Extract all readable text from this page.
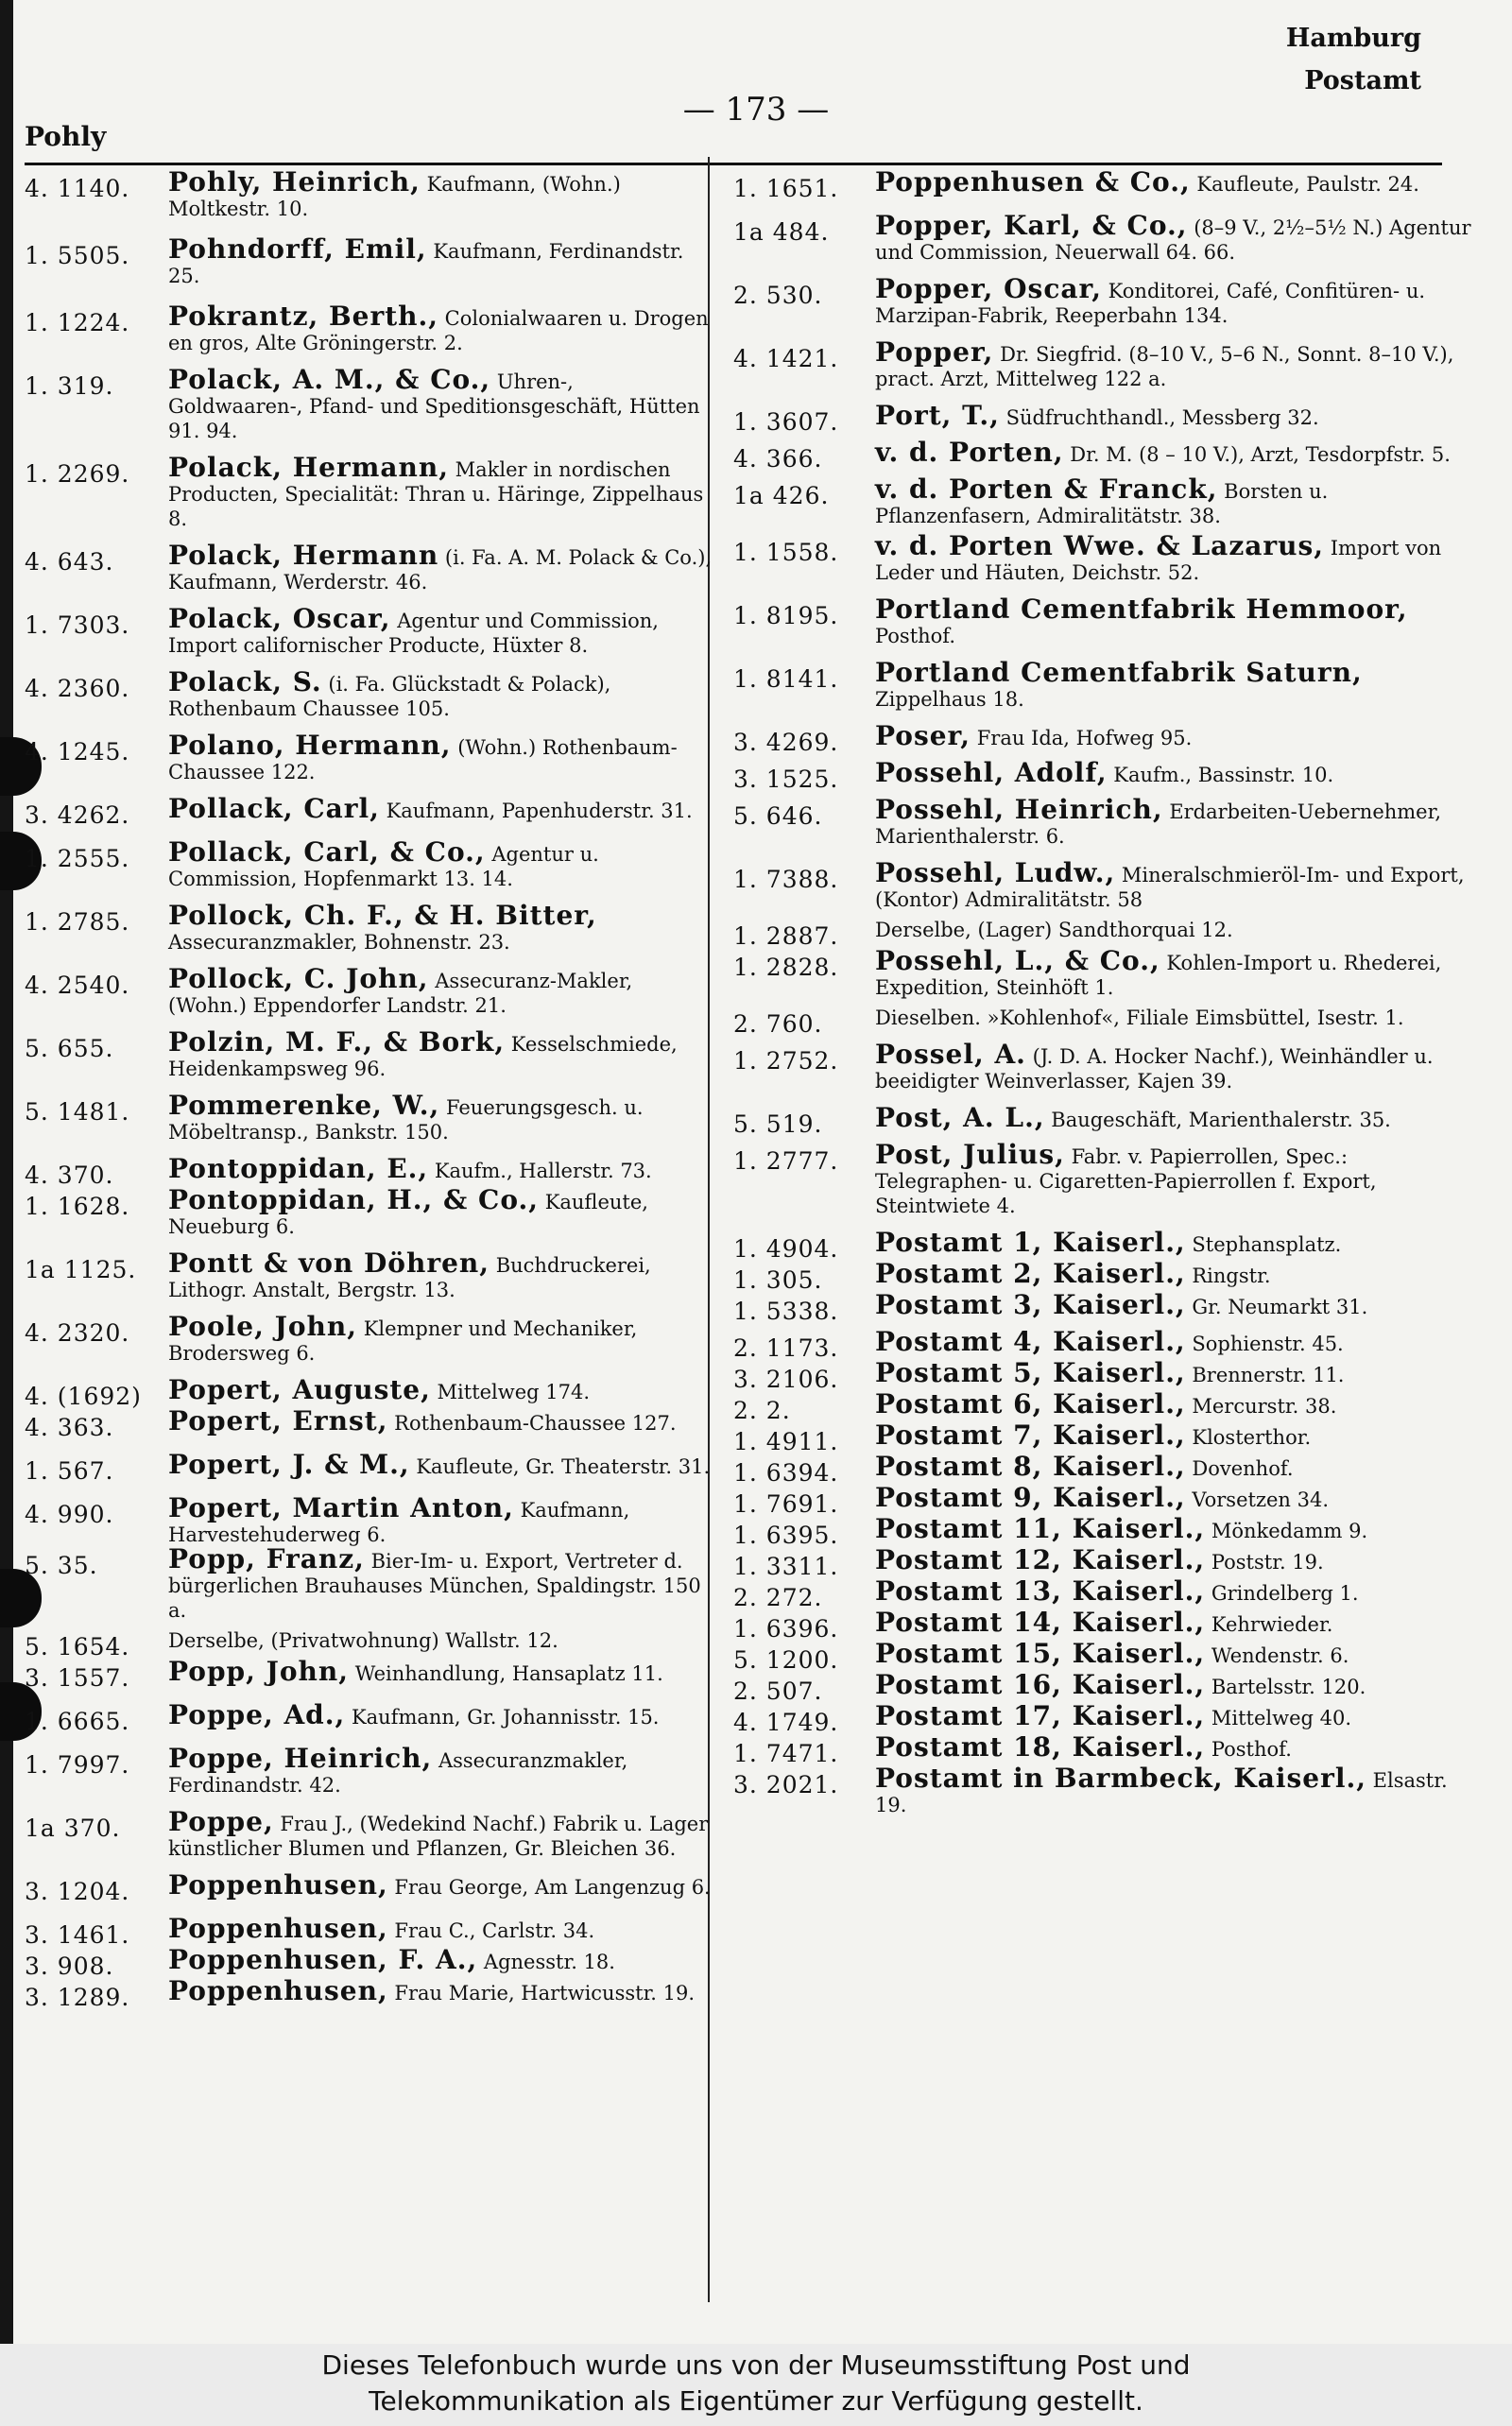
Pohly
— 173 —
Hamburg
Postamt
4. 1140.	Pohly, Heinrich, Kaufmann, (Wohn.) Moltkestr. 10.
1. 5505.	Pohndorff, Emil, Kaufmann, Ferdinandstr. 25.
1. 1224.	Pokrantz, Berth., Colonialwaaren u. Drogen en gros, Alte Gröningerstr. 2.
1. 319.	Polack, A. M., & Co., Uhren-, Goldwaaren-, Pfand- und Speditionsgeschäft, Hütten 91. 94.
1. 2269.	Polack, Hermann, Makler in nordischen Producten, Specialität: Thran u. Häringe, Zippelhaus 8.
4. 643.	Polack, Hermann (i. Fa. A. M. Polack & Co.), Kaufmann, Werderstr. 46.
1. 7303.	Polack, Oscar, Agentur und Commission, Import californischer Producte, Hüxter 8.
4. 2360.	Polack, S. (i. Fa. Glückstadt & Polack), Rothenbaum Chaussee 105.
4. 1245.	Polano, Hermann, (Wohn.) Rothenbaum-Chaussee 122.
3. 4262.	Pollack, Carl, Kaufmann, Papenhuderstr. 31.
1. 2555.	Pollack, Carl, & Co., Agentur u. Commission, Hopfenmarkt 13. 14.
1. 2785.	Pollock, Ch. F., & H. Bitter, Assecuranzmakler, Bohnenstr. 23.
4. 2540.	Pollock, C. John, Assecuranz-Makler, (Wohn.) Eppendorfer Landstr. 21.
5. 655.	Polzin, M. F., & Bork, Kesselschmiede, Heidenkampsweg 96.
5. 1481.	Pommerenke, W., Feuerungsgesch. u. Möbeltransp., Bankstr. 150.
4. 370.	Pontoppidan, E., Kaufm., Hallerstr. 73.
1. 1628.	Pontoppidan, H., & Co., Kaufleute, Neueburg 6.
1a 1125.	Pontt & von Döhren, Buchdruckerei, Lithogr. Anstalt, Bergstr. 13.
4. 2320.	Poole, John, Klempner und Mechaniker, Brodersweg 6.
4. (1692)	Popert, Auguste, Mittelweg 174.
4. 363.	Popert, Ernst, Rothenbaum-Chaussee 127.
1. 567.	Popert, J. & M., Kaufleute, Gr. Theaterstr. 31.
4. 990.	Popert, Martin Anton, Kaufmann, Harvestehuderweg 6.
5. 35.	Popp, Franz, Bier-Im- u. Export, Vertreter d. bürgerlichen Brauhauses München, Spaldingstr. 150 a.
5. 1654.	Derselbe, (Privatwohnung) Wallstr. 12.
3. 1557.	Popp, John, Weinhandlung, Hansaplatz 11.
1. 6665.	Poppe, Ad., Kaufmann, Gr. Johannisstr. 15.
1. 7997.	Poppe, Heinrich, Assecuranzmakler, Ferdinandstr. 42.
1a 370.	Poppe, Frau J., (Wedekind Nachf.) Fabrik u. Lager künstlicher Blumen und Pflanzen, Gr. Bleichen 36.
3. 1204.	Poppenhusen, Frau George, Am Langenzug 6.
3. 1461.	Poppenhusen, Frau C., Carlstr. 34.
3. 908.	Poppenhusen, F. A., Agnesstr. 18.
3. 1289.	Poppenhusen, Frau Marie, Hartwicusstr. 19.
1. 1651.	Poppenhusen & Co., Kaufleute, Paulstr. 24.
1a 484.	Popper, Karl, & Co., (8–9 V., 2½–5½ N.) Agentur und Commission, Neuerwall 64. 66.
2. 530.	Popper, Oscar, Konditorei, Café, Confitüren- u. Marzipan-Fabrik, Reeperbahn 134.
4. 1421.	Popper, Dr. Siegfrid. (8–10 V., 5–6 N., Sonnt. 8–10 V.), pract. Arzt, Mittelweg 122 a.
1. 3607.	Port, T., Südfruchthandl., Messberg 32.
4. 366.	v. d. Porten, Dr. M. (8 – 10 V.), Arzt, Tesdorpfstr. 5.
1a 426.	v. d. Porten & Franck, Borsten u. Pflanzenfasern, Admiralitätstr. 38.
1. 1558.	v. d. Porten Wwe. & Lazarus, Import von Leder und Häuten, Deichstr. 52.
1. 8195.	Portland Cementfabrik Hemmoor, Posthof.
1. 8141.	Portland Cementfabrik Saturn, Zippelhaus 18.
3. 4269.	Poser, Frau Ida, Hofweg 95.
3. 1525.	Possehl, Adolf, Kaufm., Bassinstr. 10.
5. 646.	Possehl, Heinrich, Erdarbeiten-Uebernehmer, Marienthalerstr. 6.
1. 7388.	Possehl, Ludw., Mineralschmieröl-Im- und Export, (Kontor) Admiralitätstr. 58
1. 2887.	Derselbe, (Lager) Sandthorquai 12.
1. 2828.	Possehl, L., & Co., Kohlen-Import u. Rhederei, Expedition, Steinhöft 1.
2. 760.	Dieselben. »Kohlenhof«, Filiale Eimsbüttel, Isestr. 1.
1. 2752.	Possel, A. (J. D. A. Hocker Nachf.), Weinhändler u. beeidigter Weinverlasser, Kajen 39.
5. 519.	Post, A. L., Baugeschäft, Marienthalerstr. 35.
1. 2777.	Post, Julius, Fabr. v. Papierrollen, Spec.: Telegraphen- u. Cigaretten-Papierrollen f. Export, Steintwiete 4.
1. 4904.	Postamt 1, Kaiserl., Stephansplatz.
1. 305.	Postamt 2, Kaiserl., Ringstr.
1. 5338.	Postamt 3, Kaiserl., Gr. Neumarkt 31.
2. 1173.	Postamt 4, Kaiserl., Sophienstr. 45.
3. 2106.	Postamt 5, Kaiserl., Brennerstr. 11.
2. 2.	Postamt 6, Kaiserl., Mercurstr. 38.
1. 4911.	Postamt 7, Kaiserl., Klosterthor.
1. 6394.	Postamt 8, Kaiserl., Dovenhof.
1. 7691.	Postamt 9, Kaiserl., Vorsetzen 34.
1. 6395.	Postamt 11, Kaiserl., Mönkedamm 9.
1. 3311.	Postamt 12, Kaiserl., Poststr. 19.
2. 272.	Postamt 13, Kaiserl., Grindelberg 1.
1. 6396.	Postamt 14, Kaiserl., Kehrwieder.
5. 1200.	Postamt 15, Kaiserl., Wendenstr. 6.
2. 507.	Postamt 16, Kaiserl., Bartelsstr. 120.
4. 1749.	Postamt 17, Kaiserl., Mittelweg 40.
1. 7471.	Postamt 18, Kaiserl., Posthof.
3. 2021.	Postamt in Barmbeck, Kaiserl., Elsastr. 19.
Dieses Telefonbuch wurde uns von der Museumsstiftung Post und
Telekommunikation als Eigentümer zur Verfügung gestellt.
